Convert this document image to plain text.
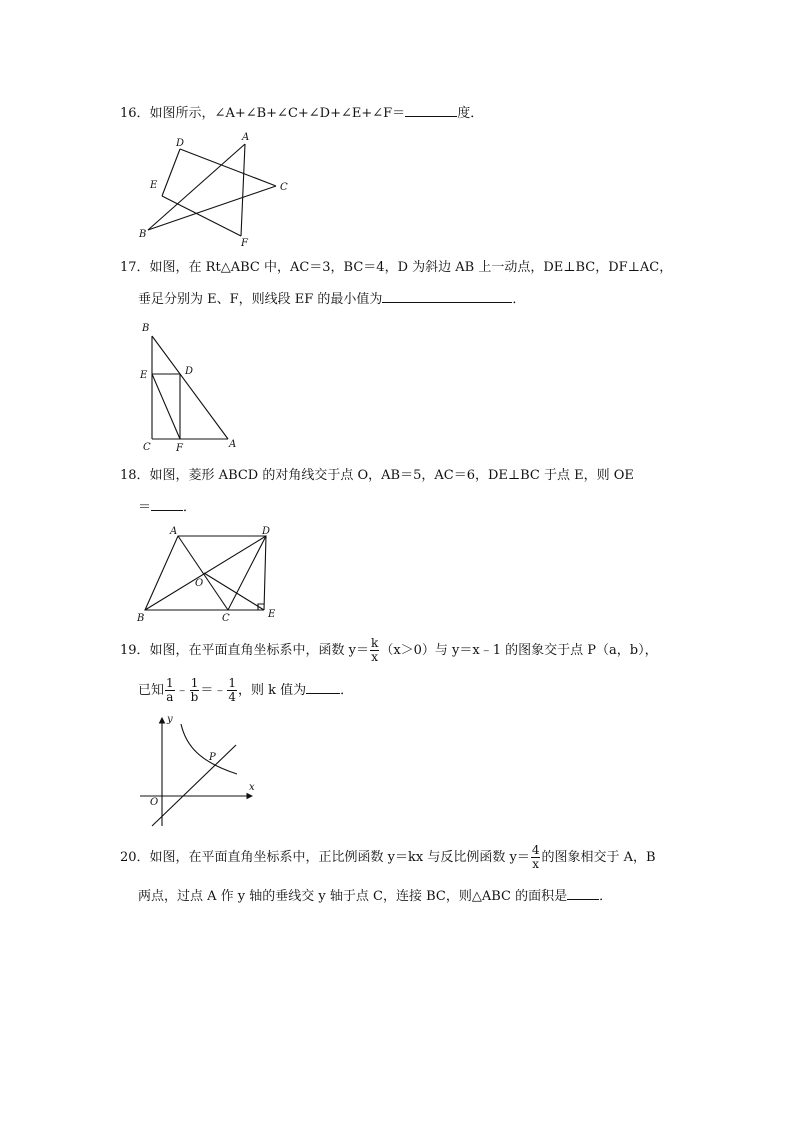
16．如图所示，∠A+∠B+∠C+∠D+∠E+∠F＝	度．
D
A
E	C
B
F
17．如图，在 Rt△ABC 中，AC＝3，BC＝4，D 为斜边 AB 上一动点，DE⊥BC，DF⊥AC，
垂足分别为 E、F，则线段 EF 的最小值为	．
B
E	D
C	F	A
18．如图，菱形 ABCD 的对角线交于点 O，AB＝5，AC＝6，DE⊥BC 于点 E，则 OE
＝ ．
A	D
O
B	C	E
19．如图，在平面直角坐标系中，函数 $y= \frac{k}{x} (x>0)$与 y＝x﹣1 的图象交于点 P（a，b），
已知 $\frac{1}{a}$ ﹣ $\frac{1}{b}$ ＝﹣ $\frac{1}{4}$ ，则 k 值为	．
y
P
O
x
20．如图，在平面直角坐标系中，正比例函数 y＝kx 与反比例函数 $y= \frac{4}{x}$ 的图象相交于 A，B
两点，过点 A 作 y 轴的垂线交 y 轴于点 C，连接 BC，则△ABC 的面积是 ．
